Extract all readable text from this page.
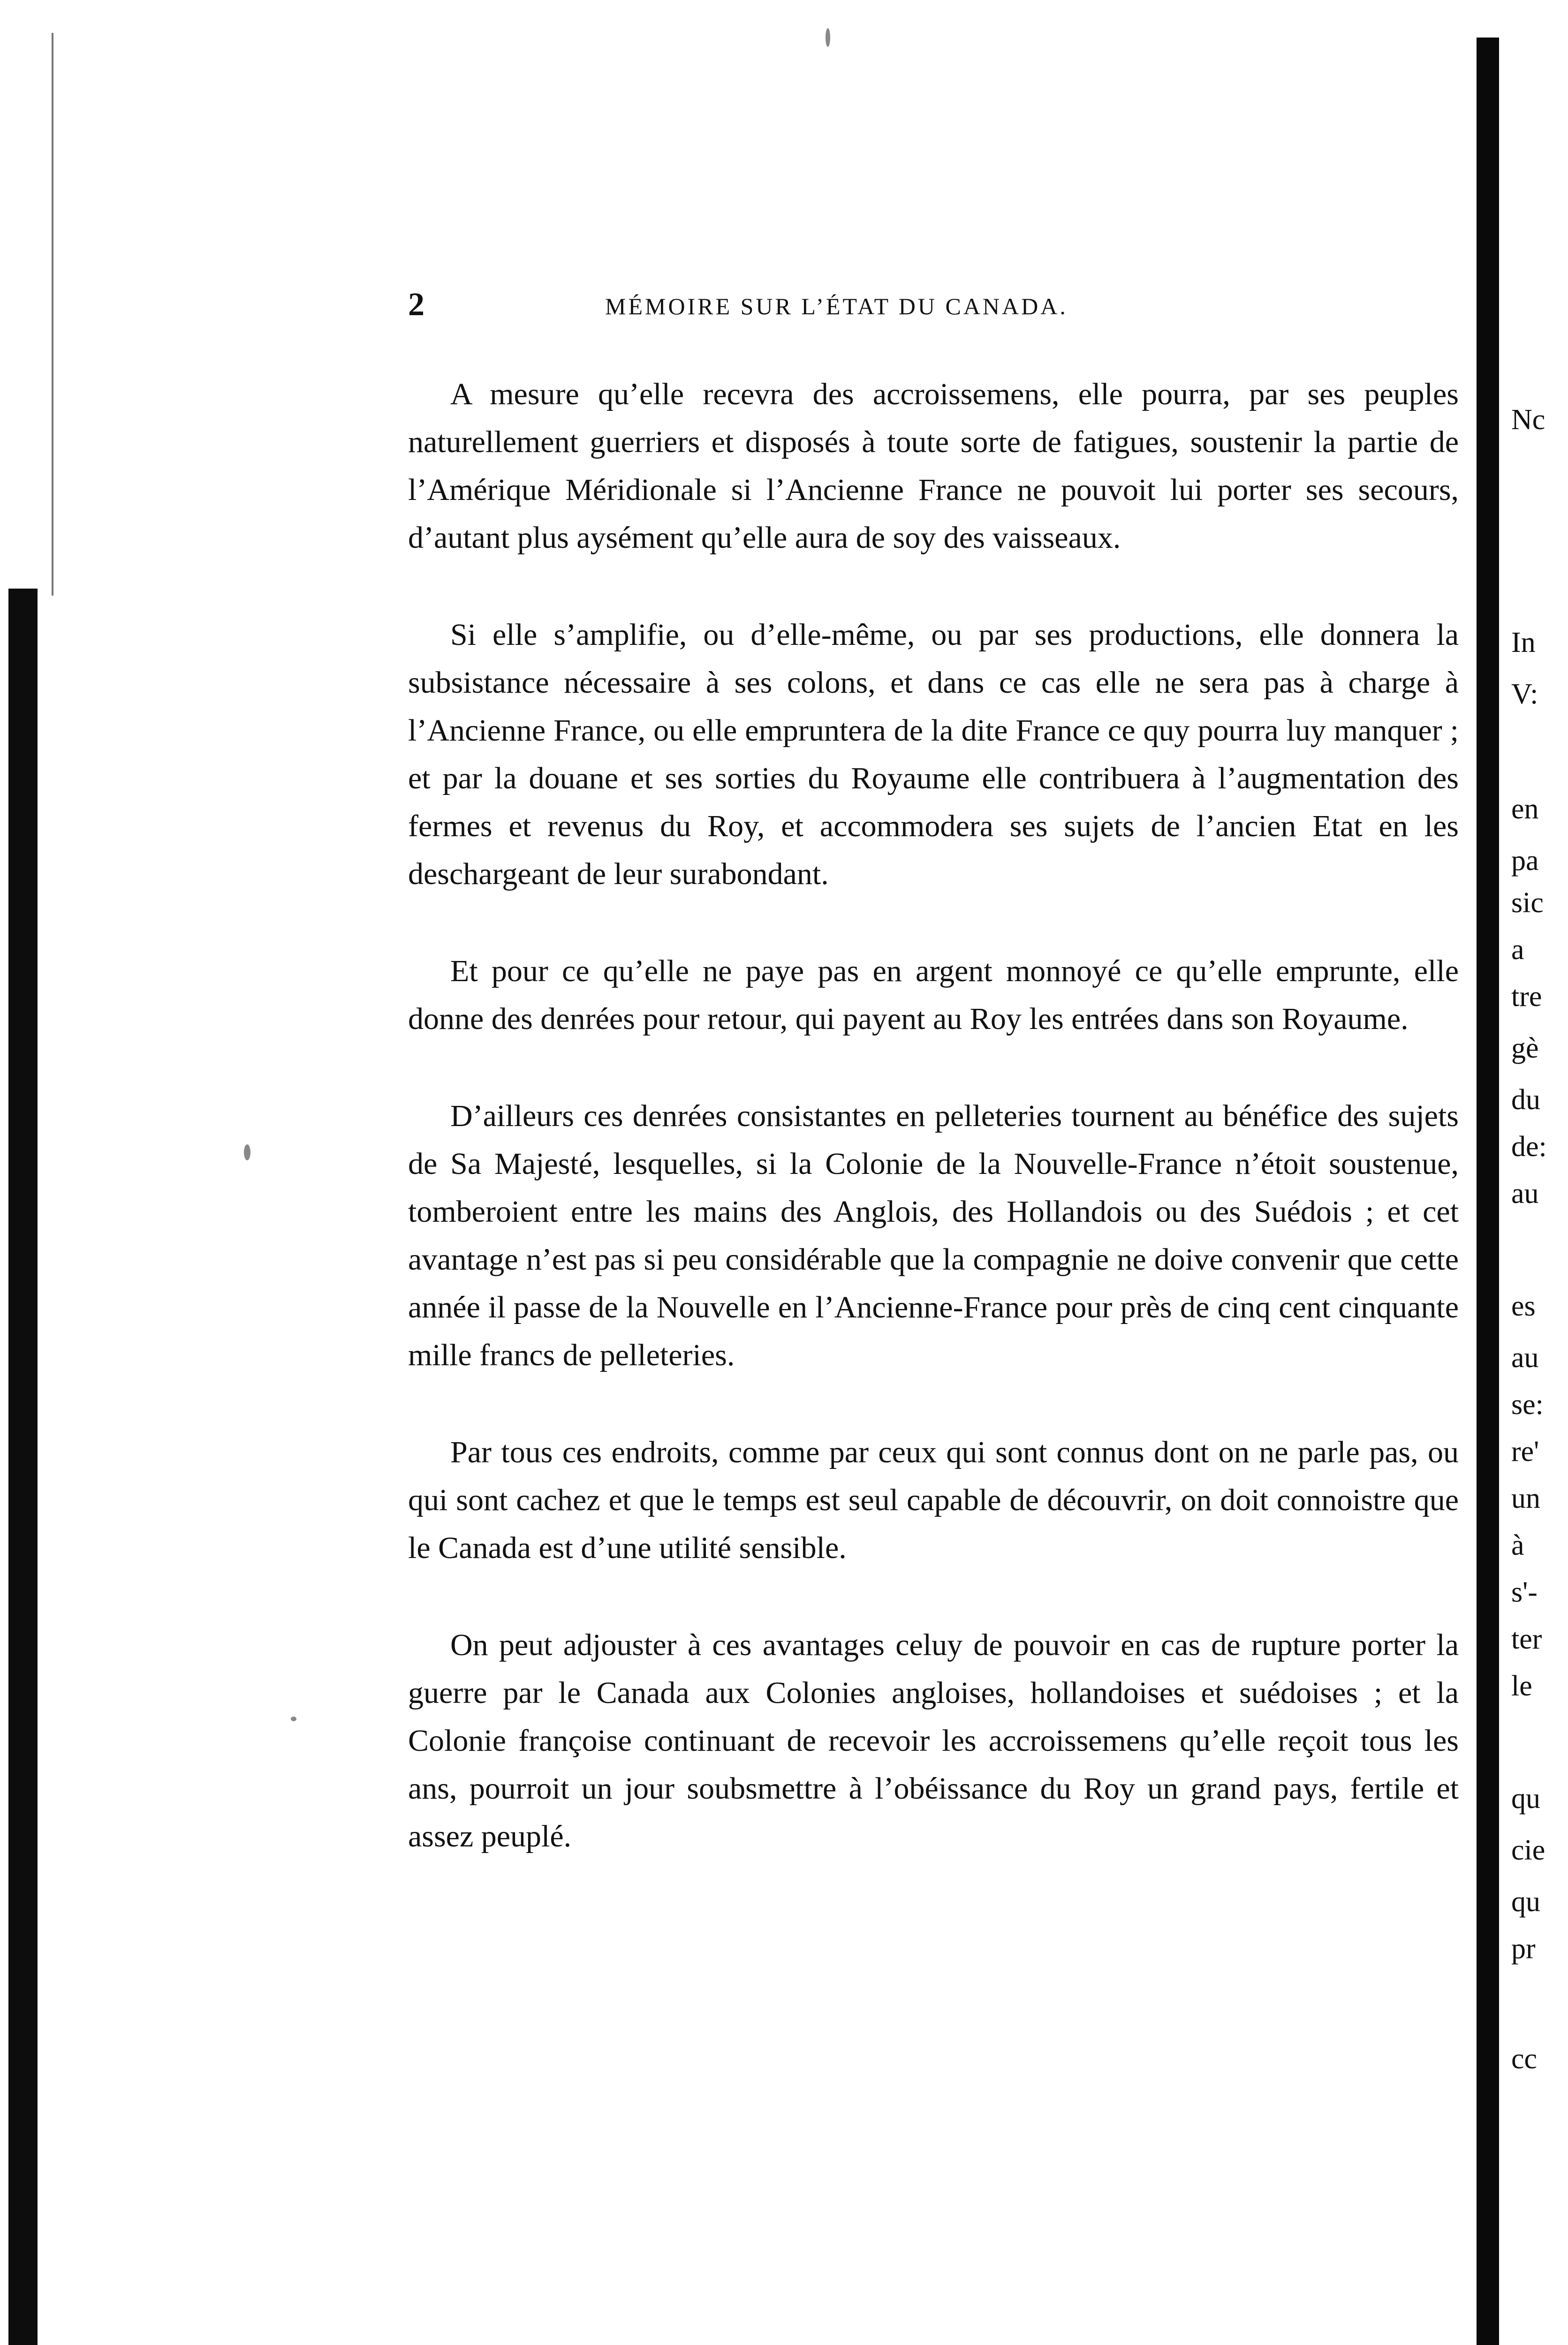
2	MÉMOIRE SUR L’ÉTAT DU CANADA.

A mesure qu’elle recevra des accroissemens, elle pourra, par ses peuples naturellement guerriers et disposés à toute sorte de fatigues, soustenir la partie de l’Amérique Méridionale si l’Ancienne France ne pouvoit lui porter ses secours, d’autant plus aysément qu’elle aura de soy des vaisseaux.

Si elle s’amplifie, ou d’elle-même, ou par ses productions, elle donnera la subsistance nécessaire à ses colons, et dans ce cas elle ne sera pas à charge à l’Ancienne France, ou elle empruntera de la dite France ce quy pourra luy manquer ; et par la douane et ses sorties du Royaume elle contribuera à l’augmentation des fermes et revenus du Roy, et accommodera ses sujets de l’ancien Etat en les deschargeant de leur surabondant.

Et pour ce qu’elle ne paye pas en argent monnoyé ce qu’elle emprunte, elle donne des denrées pour retour, qui payent au Roy les entrées dans son Royaume.

D’ailleurs ces denrées consistantes en pelleteries tournent au bénéfice des sujets de Sa Majesté, lesquelles, si la Colonie de la Nouvelle-France n’étoit soustenue, tomberoient entre les mains des Anglois, des Hollandois ou des Suédois ; et cet avantage n’est pas si peu considérable que la compagnie ne doive convenir que cette année il passe de la Nouvelle en l’Ancienne-France pour près de cinq cent cinquante mille francs de pelleteries.

Par tous ces endroits, comme par ceux qui sont connus dont on ne parle pas, ou qui sont cachez et que le temps est seul capable de découvrir, on doit connoistre que le Canada est d’une utilité sensible.

On peut adjouster à ces avantages celuy de pouvoir en cas de rupture porter la guerre par le Canada aux Colonies angloises, hollandoises et suédoises ; et la Colonie françoise continuant de recevoir les accroissemens qu’elle reçoit tous les ans, pourroit un jour soubsmettre à l’obéissance du Roy un grand pays, fertile et assez peuplé.

Nc
In
V:
en
pa
sic
a
tre
gè
du
de:
au
es
au
se:
re'
un
à
s'-
ter
le
qu
cie
qu
pr
cc
